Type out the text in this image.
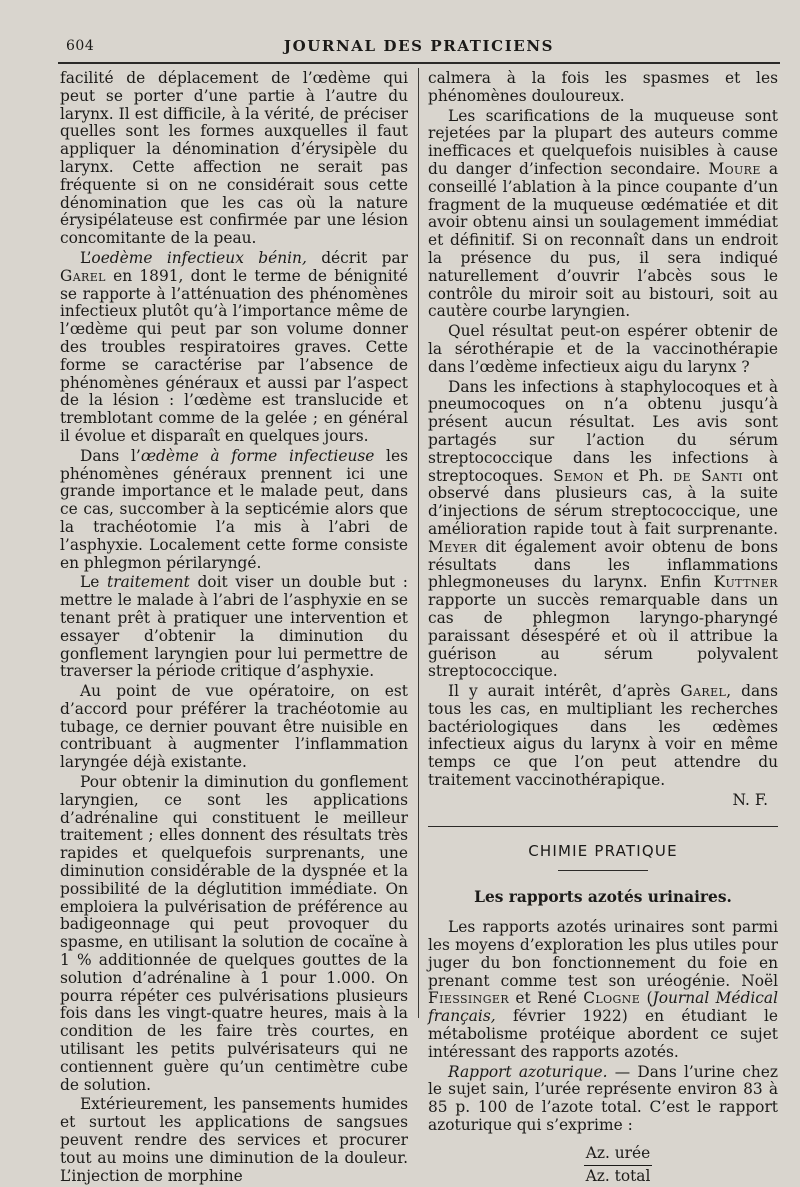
604	JOURNAL DES PRATICIENS

facilité de déplacement de l’œdème qui peut se porter d’une partie à l’autre du larynx. Il est difficile, à la vérité, de préciser quelles sont les formes auxquelles il faut appliquer la dénomination d’érysipèle du larynx. Cette affection ne serait pas fréquente si on ne considérait sous cette dénomination que les cas où la nature érysipélateuse est confirmée par une lésion concomitante de la peau.

L’oedème infectieux bénin, décrit par Garel en 1891, dont le terme de bénignité se rapporte à l’atténuation des phénomènes infectieux plutôt qu’à l’importance même de l’œdème qui peut par son volume donner des troubles respiratoires graves. Cette forme se caractérise par l’absence de phénomènes généraux et aussi par l’aspect de la lésion : l’œdème est translucide et tremblotant comme de la gelée ; en général il évolue et disparaît en quelques jours.

Dans l’œdème à forme infectieuse les phénomènes généraux prennent ici une grande importance et le malade peut, dans ce cas, succomber à la septicémie alors que la trachéotomie l’a mis à l’abri de l’asphyxie. Localement cette forme consiste en phlegmon périlaryngé.

Le traitement doit viser un double but : mettre le malade à l’abri de l’asphyxie en se tenant prêt à pratiquer une intervention et essayer d’obtenir la diminution du gonflement laryngien pour lui permettre de traverser la période critique d’asphyxie.

Au point de vue opératoire, on est d’accord pour préférer la trachéotomie au tubage, ce dernier pouvant être nuisible en contribuant à augmenter l’inflammation laryngée déjà existante.

Pour obtenir la diminution du gonflement laryngien, ce sont les applications d’adrénaline qui constituent le meilleur traitement ; elles donnent des résultats très rapides et quelquefois surprenants, une diminution considérable de la dyspnée et la possibilité de la déglutition immédiate. On emploiera la pulvérisation de préférence au badigeonnage qui peut provoquer du spasme, en utilisant la solution de cocaïne à 1 % additionnée de quelques gouttes de la solution d’adrénaline à 1 pour 1.000. On pourra répéter ces pulvérisations plusieurs fois dans les vingt-quatre heures, mais à la condition de les faire très courtes, en utilisant les petits pulvérisateurs qui ne contiennent guère qu’un centimètre cube de solution.

Extérieurement, les pansements humides et surtout les applications de sangsues peuvent rendre des services et procurer tout au moins une diminution de la douleur. L’injection de morphine

calmera à la fois les spasmes et les phénomènes douloureux.

Les scarifications de la muqueuse sont rejetées par la plupart des auteurs comme inefficaces et quelquefois nuisibles à cause du danger d’infection secondaire. Moure a conseillé l’ablation à la pince coupante d’un fragment de la muqueuse œdématiée et dit avoir obtenu ainsi un soulagement immédiat et définitif. Si on reconnaît dans un endroit la présence du pus, il sera indiqué naturellement d’ouvrir l’abcès sous le contrôle du miroir soit au bistouri, soit au cautère courbe laryngien.

Quel résultat peut-on espérer obtenir de la sérothérapie et de la vaccinothérapie dans l’œdème infectieux aigu du larynx ?

Dans les infections à staphylocoques et à pneumocoques on n’a obtenu jusqu’à présent aucun résultat. Les avis sont partagés sur l’action du sérum streptococcique dans les infections à streptocoques. Semon et Ph. de Santi ont observé dans plusieurs cas, à la suite d’injections de sérum streptococcique, une amélioration rapide tout à fait surprenante. Meyer dit également avoir obtenu de bons résultats dans les inflammations phlegmoneuses du larynx. Enfin Kuttner rapporte un succès remarquable dans un cas de phlegmon laryngo-pharyngé paraissant désespéré et où il attribue la guérison au sérum polyvalent streptococcique.

Il y aurait intérêt, d’après Garel, dans tous les cas, en multipliant les recherches bactériologiques dans les œdèmes infectieux aigus du larynx à voir en même temps ce que l’on peut attendre du traitement vaccinothérapique.

N. F.

CHIMIE PRATIQUE
Les rapports azotés urinaires.

Les rapports azotés urinaires sont parmi les moyens d’exploration les plus utiles pour juger du bon fonctionnement du foie en prenant comme test son uréogénie. Noël Fiessinger et René Clogne (Journal Médical français, février 1922) en étudiant le métabolisme protéique abordent ce sujet intéressant des rapports azotés.

Rapport azoturique. — Dans l’urine chez le sujet sain, l’urée représente environ 83 à 85 p. 100 de l’azote total. C’est le rapport azoturique qui s’exprime :

Az. urée
Az. total
